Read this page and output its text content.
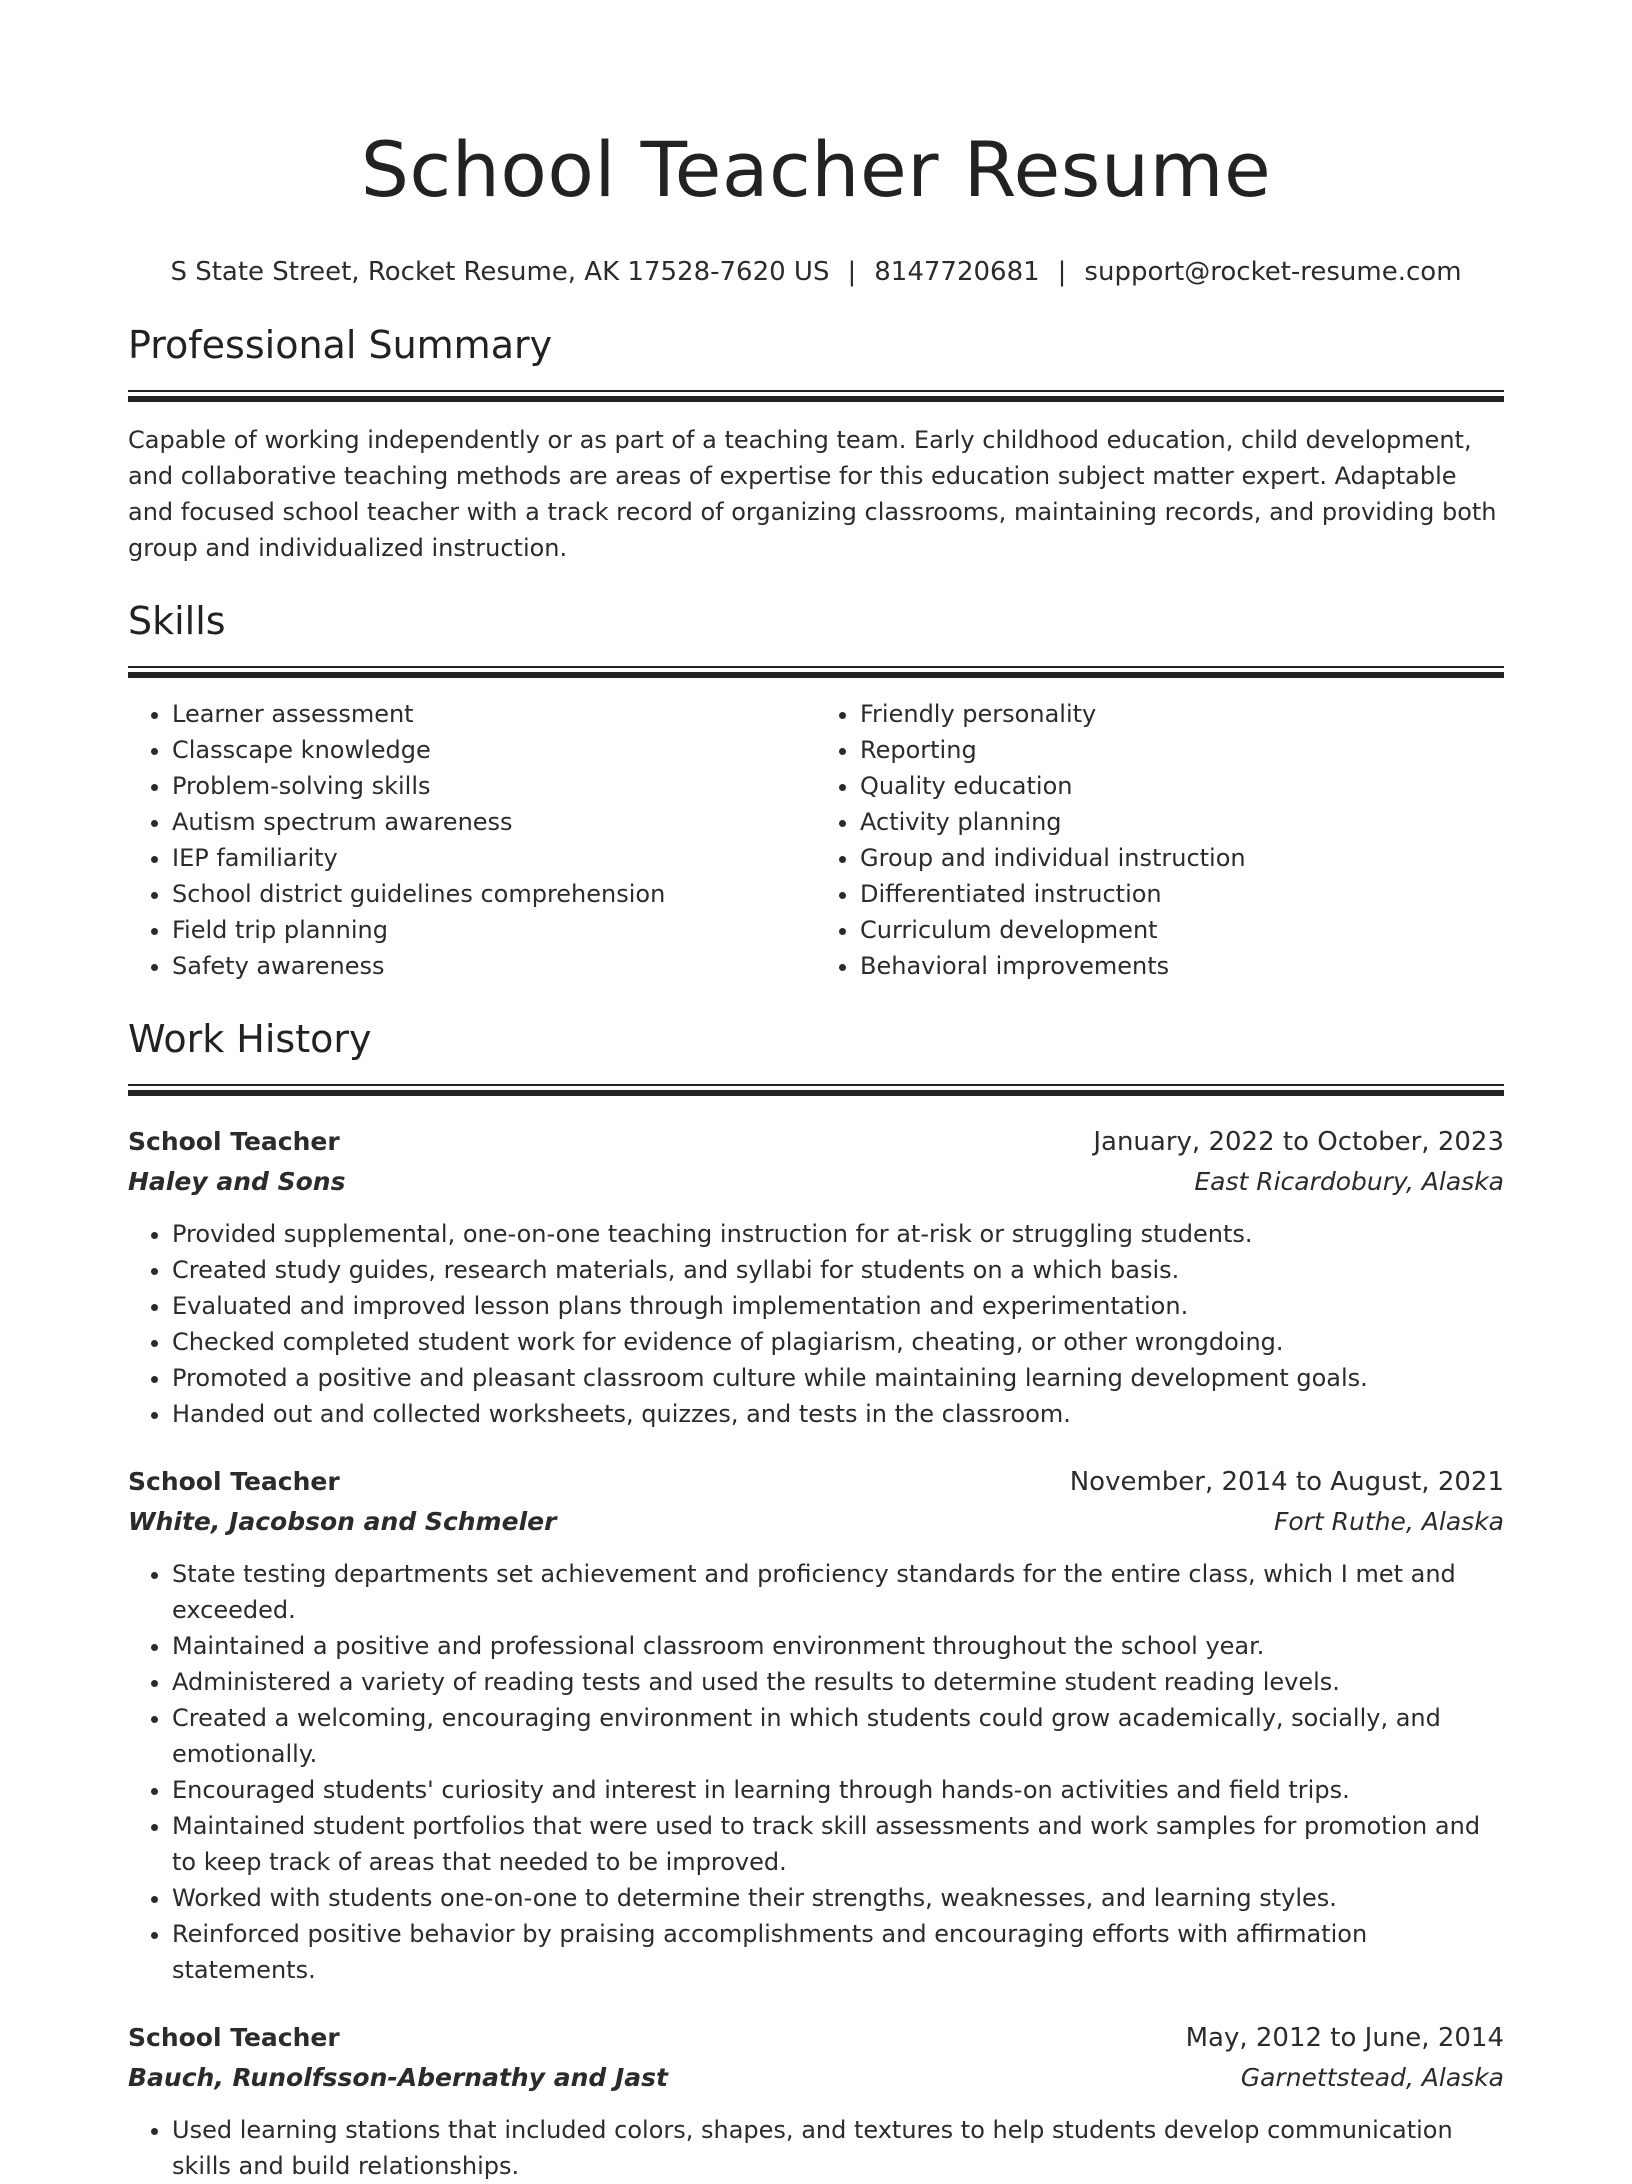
School Teacher Resume
S State Street, Rocket Resume, AK 17528-7620 US | 8147720681 | support@rocket-resume.com
Professional Summary

Capable of working independently or as part of a teaching team. Early childhood education, child development, and collaborative teaching methods are areas of expertise for this education subject matter expert. Adaptable and focused school teacher with a track record of organizing classrooms, maintaining records, and providing both group and individualized instruction.

Skills
• Learner assessment
• Classcape knowledge
• Problem-solving skills
• Autism spectrum awareness
• IEP familiarity
• School district guidelines comprehension
• Field trip planning
• Safety awareness
• Friendly personality
• Reporting
• Quality education
• Activity planning
• Group and individual instruction
• Differentiated instruction
• Curriculum development
• Behavioral improvements
Work History
School Teacher	January, 2022 to October, 2023
Haley and Sons	East Ricardobury, Alaska
• Provided supplemental, one-on-one teaching instruction for at-risk or struggling students.
• Created study guides, research materials, and syllabi for students on a which basis.
• Evaluated and improved lesson plans through implementation and experimentation.
• Checked completed student work for evidence of plagiarism, cheating, or other wrongdoing.
• Promoted a positive and pleasant classroom culture while maintaining learning development goals.
• Handed out and collected worksheets, quizzes, and tests in the classroom.
School Teacher	November, 2014 to August, 2021
White, Jacobson and Schmeler	Fort Ruthe, Alaska
• State testing departments set achievement and proficiency standards for the entire class, which I met and exceeded.
• Maintained a positive and professional classroom environment throughout the school year.
• Administered a variety of reading tests and used the results to determine student reading levels.
• Created a welcoming, encouraging environment in which students could grow academically, socially, and emotionally.
• Encouraged students' curiosity and interest in learning through hands-on activities and field trips.
• Maintained student portfolios that were used to track skill assessments and work samples for promotion and to keep track of areas that needed to be improved.
• Worked with students one-on-one to determine their strengths, weaknesses, and learning styles.
• Reinforced positive behavior by praising accomplishments and encouraging efforts with affirmation statements.
School Teacher	May, 2012 to June, 2014
Bauch, Runolfsson-Abernathy and Jast	Garnettstead, Alaska
• Used learning stations that included colors, shapes, and textures to help students develop communication skills and build relationships.
